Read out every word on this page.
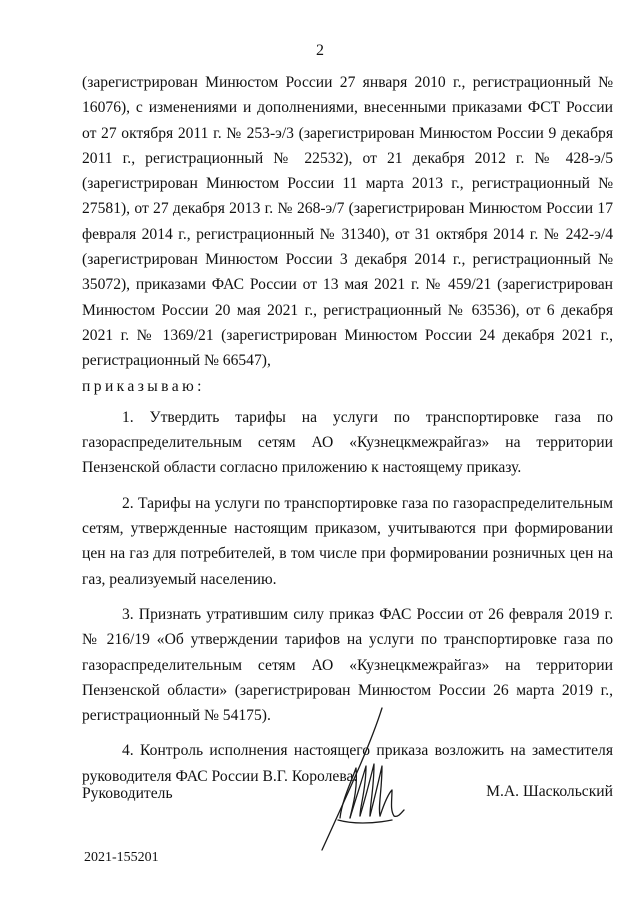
2

(зарегистрирован Минюстом России 27 января 2010 г., регистрационный № 16076), с изменениями и дополнениями, внесенными приказами ФСТ России от 27 октября 2011 г. № 253-э/3 (зарегистрирован Минюстом России 9 декабря 2011 г., регистрационный № 22532), от 21 декабря 2012 г. № 428-э/5 (зарегистрирован Минюстом России 11 марта 2013 г., регистрационный № 27581), от 27 декабря 2013 г. № 268-э/7 (зарегистрирован Минюстом России 17 февраля 2014 г., регистрационный № 31340), от 31 октября 2014 г. № 242-э/4 (зарегистрирован Минюстом России 3 декабря 2014 г., регистрационный № 35072), приказами ФАС России от 13 мая 2021 г. № 459/21 (зарегистрирован Минюстом России 20 мая 2021 г., регистрационный № 63536), от 6 декабря 2021 г. № 1369/21 (зарегистрирован Минюстом России 24 декабря 2021 г., регистрационный № 66547),

приказываю:

1. Утвердить тарифы на услуги по транспортировке газа по газораспределительным сетям АО «Кузнецкмежрайгаз» на территории Пензенской области согласно приложению к настоящему приказу.

2. Тарифы на услуги по транспортировке газа по газораспределительным сетям, утвержденные настоящим приказом, учитываются при формировании цен на газ для потребителей, в том числе при формировании розничных цен на газ, реализуемый населению.

3. Признать утратившим силу приказ ФАС России от 26 февраля 2019 г. № 216/19 «Об утверждении тарифов на услуги по транспортировке газа по газораспределительным сетям АО «Кузнецкмежрайгаз» на территории Пензенской области» (зарегистрирован Минюстом России 26 марта 2019 г., регистрационный № 54175).

4. Контроль исполнения настоящего приказа возложить на заместителя руководителя ФАС России В.Г. Королева.

Руководитель	М.А. Шаскольский
2021-155201
